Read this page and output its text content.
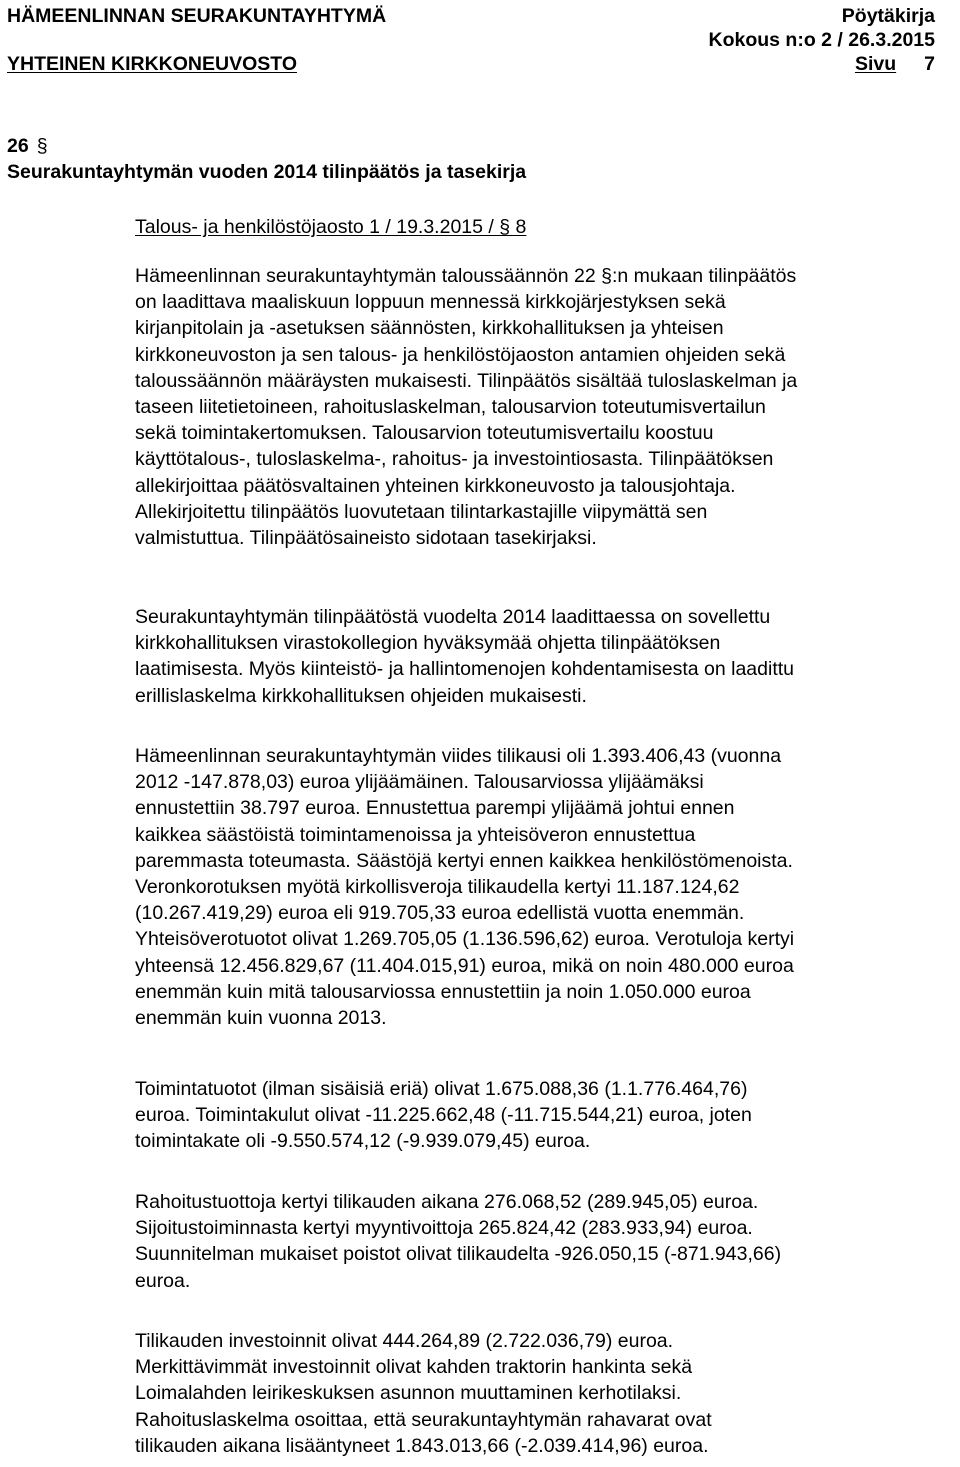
HÄMEENLINNAN SEURAKUNTAYHTYMÄ	Pöytäkirja
Kokous n:o 2 / 26.3.2015
YHTEINEN KIRKKONEUVOSTO	Sivu 7
26 §
Seurakuntayhtymän vuoden 2014 tilinpäätös ja tasekirja
Talous- ja henkilöstöjaosto 1 / 19.3.2015 / § 8

Hämeenlinnan seurakuntayhtymän taloussäännön 22 §:n mukaan tilinpäätös
on laadittava maaliskuun loppuun mennessä kirkkojärjestyksen sekä
kirjanpitolain ja -asetuksen säännösten, kirkkohallituksen ja yhteisen
kirkkoneuvoston ja sen talous- ja henkilöstöjaoston antamien ohjeiden sekä
taloussäännön määräysten mukaisesti. Tilinpäätös sisältää tuloslaskelman ja
taseen liitetietoineen, rahoituslaskelman, talousarvion toteutumisvertailun
sekä toimintakertomuksen. Talousarvion toteutumisvertailu koostuu
käyttötalous-, tuloslaskelma-, rahoitus- ja investointiosasta. Tilinpäätöksen
allekirjoittaa päätösvaltainen yhteinen kirkkoneuvosto ja talousjohtaja.
Allekirjoitettu tilinpäätös luovutetaan tilintarkastajille viipymättä sen
valmistuttua. Tilinpäätösaineisto sidotaan tasekirjaksi.

Seurakuntayhtymän tilinpäätöstä vuodelta 2014 laadittaessa on sovellettu
kirkkohallituksen virastokollegion hyväksymää ohjetta tilinpäätöksen
laatimisesta. Myös kiinteistö- ja hallintomenojen kohdentamisesta on laadittu
erillislaskelma kirkkohallituksen ohjeiden mukaisesti.

Hämeenlinnan seurakuntayhtymän viides tilikausi oli 1.393.406,43 (vuonna
2012 -147.878,03) euroa ylijäämäinen. Talousarviossa ylijäämäksi
ennustettiin 38.797 euroa. Ennustettua parempi ylijäämä johtui ennen
kaikkea säästöistä toimintamenoissa ja yhteisöveron ennustettua
paremmasta toteumasta. Säästöjä kertyi ennen kaikkea henkilöstömenoista.
Veronkorotuksen myötä kirkollisveroja tilikaudella kertyi 11.187.124,62
(10.267.419,29) euroa eli 919.705,33 euroa edellistä vuotta enemmän.
Yhteisöverotuotot olivat 1.269.705,05 (1.136.596,62) euroa. Verotuloja kertyi
yhteensä 12.456.829,67 (11.404.015,91) euroa, mikä on noin 480.000 euroa
enemmän kuin mitä talousarviossa ennustettiin ja noin 1.050.000 euroa
enemmän kuin vuonna 2013.

Toimintatuotot (ilman sisäisiä eriä) olivat 1.675.088,36 (1.1.776.464,76)
euroa. Toimintakulut olivat -11.225.662,48 (-11.715.544,21) euroa, joten
toimintakate oli -9.550.574,12 (-9.939.079,45) euroa.

Rahoitustuottoja kertyi tilikauden aikana 276.068,52 (289.945,05) euroa.
Sijoitustoiminnasta kertyi myyntivoittoja 265.824,42 (283.933,94) euroa.
Suunnitelman mukaiset poistot olivat tilikaudelta -926.050,15 (-871.943,66)
euroa.

Tilikauden investoinnit olivat 444.264,89 (2.722.036,79) euroa.
Merkittävimmät investoinnit olivat kahden traktorin hankinta sekä
Loimalahden leirikeskuksen asunnon muuttaminen kerhotilaksi.
Rahoituslaskelma osoittaa, että seurakuntayhtymän rahavarat ovat
tilikauden aikana lisääntyneet 1.843.013,66 (-2.039.414,96) euroa.
